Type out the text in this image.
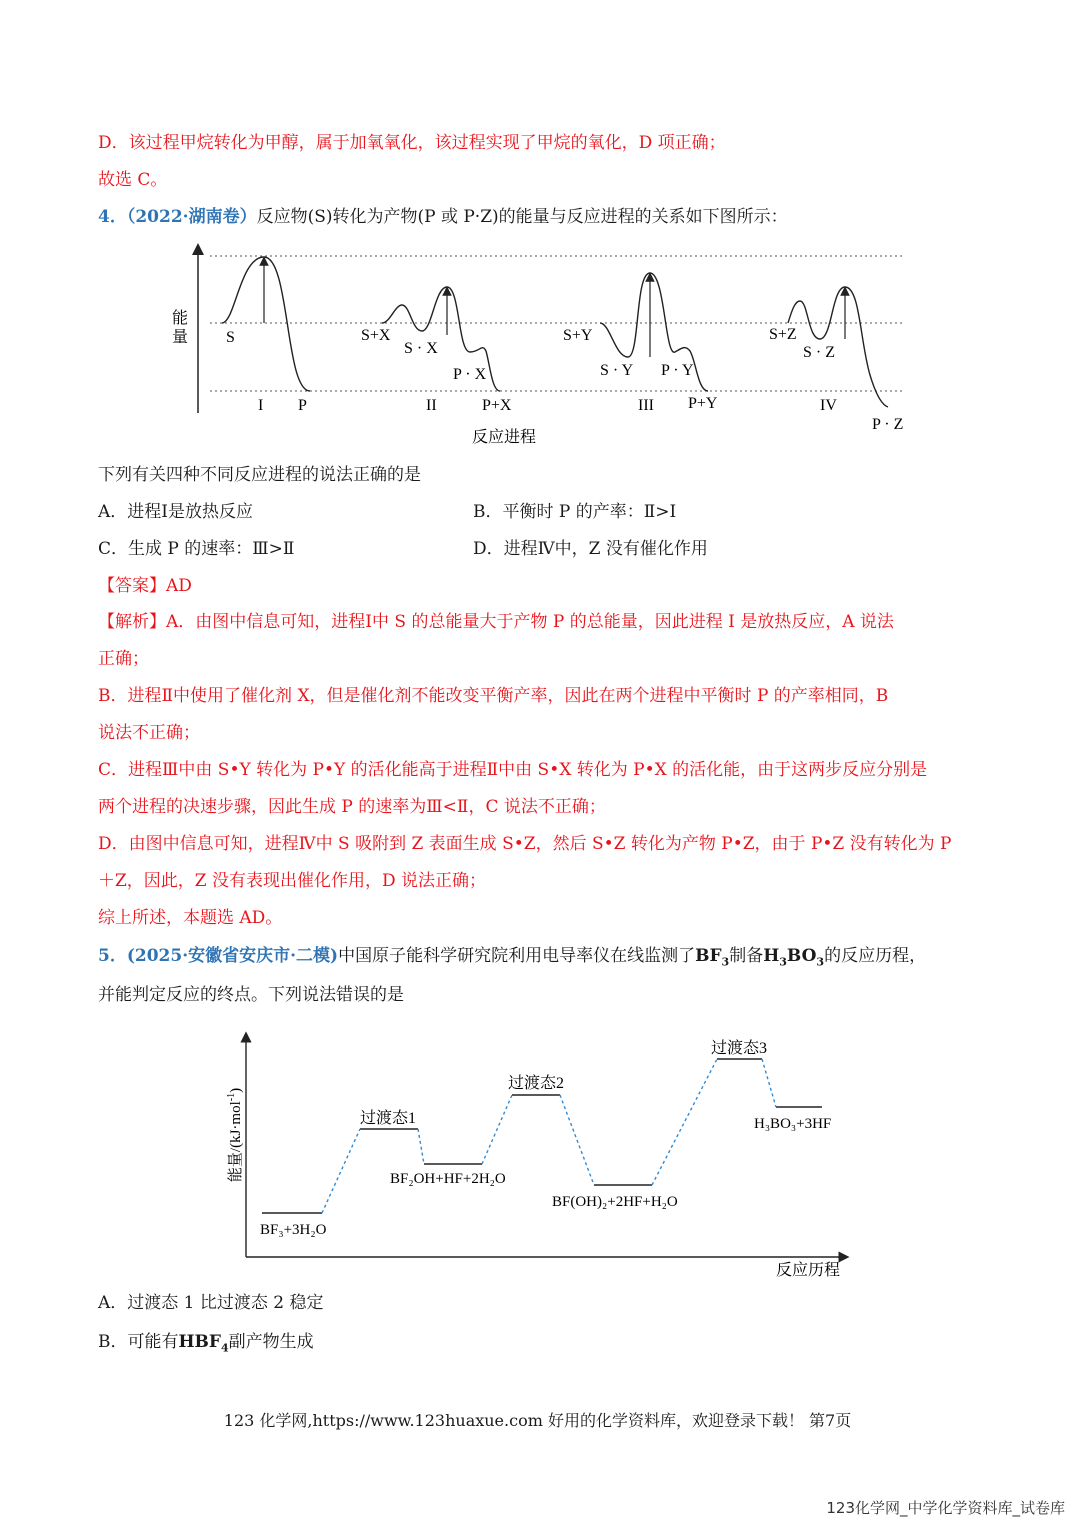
D．该过程甲烷转化为甲醇，属于加氧氧化，该过程实现了甲烷的氧化，D 项正确；
故选 C。
4．（2022·湖南卷）反应物(S)转化为产物(P 或 P·Z)的能量与反应进程的关系如下图所示：
能
量 S
I P
S+X
S · X
P · X
II	P+X
S+Y
S · Y P · Y
III P+Y
S+Z
S · Z
IV
P · Z
反应进程
下列有关四种不同反应进程的说法正确的是
A．进程Ⅰ是放热反应	B．平衡时 P 的产率：Ⅱ>Ⅰ
C．生成 P 的速率：Ⅲ>Ⅱ	D．进程Ⅳ中，Z 没有催化作用
【答案】AD
【解析】A．由图中信息可知，进程Ⅰ中 S 的总能量大于产物 P 的总能量，因此进程 I 是放热反应，A 说法
正确；
B．进程Ⅱ中使用了催化剂 X，但是催化剂不能改变平衡产率，因此在两个进程中平衡时 P 的产率相同，B
说法不正确；
C．进程Ⅲ中由 S•Y 转化为 P•Y 的活化能高于进程Ⅱ中由 S•X 转化为 P•X 的活化能，由于这两步反应分别是
两个进程的决速步骤，因此生成 P 的速率为Ⅲ<Ⅱ，C 说法不正确；
D．由图中信息可知，进程Ⅳ中 S 吸附到 Z 表面生成 S•Z，然后 S•Z 转化为产物 P•Z，由于 P•Z 没有转化为 P
＋Z，因此，Z 没有表现出催化作用，D 说法正确；
综上所述，本题选 AD。
5．(2025·安徽省安庆市·二模)中国原子能科学研究院利用电导率仪在线监测了$BF_3$制备$H_3BO_3$的反应历程，
并能判定反应的终点。下列说法错误的是
能量/(kJ·mol$^{-1}$)
反应历程
过渡态1
过渡态2
过渡态3
BF₃+3H₂O
BF₂OH+HF+2H₂O
BF(OH)₂+2HF+H₂O
H₃BO₃+3HF
A．过渡态 1 比过渡态 2 稳定
B．可能有$HBF_4$副产物生成
123 化学网,https://www.123huaxue.com 好用的化学资料库，欢迎登录下载！ 第7页
123化学网_中学化学资料库_试卷库
